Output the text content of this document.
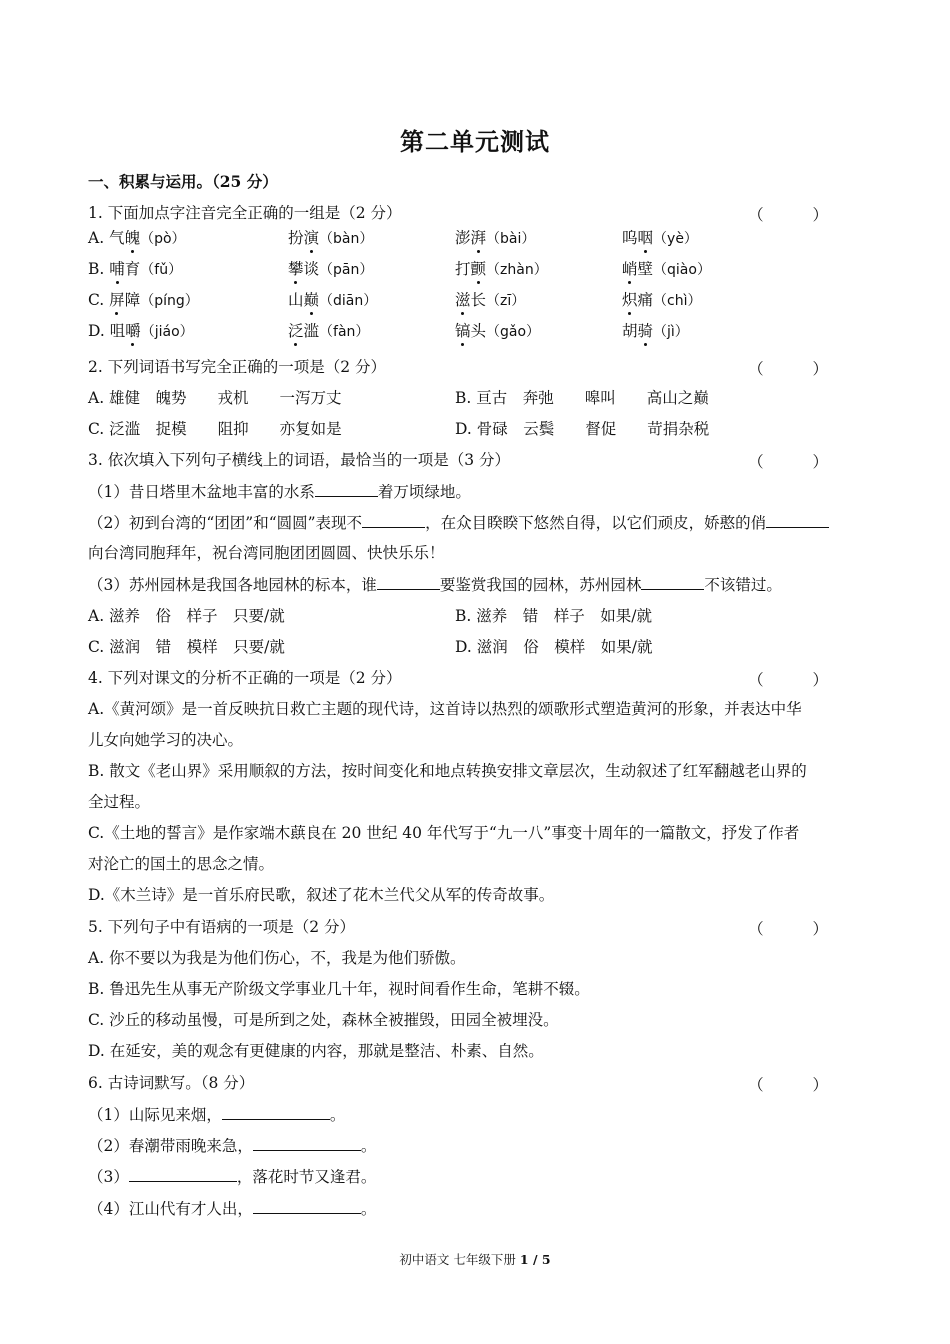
第二单元测试
一、积累与运用。（25 分）
1. 下面加点字注音完全正确的一组是（2 分）	（ ）
A. 气魄（pò）	扮演（bàn）	澎湃（bài）	呜咽（yè）
B. 哺育（fǔ）	攀谈（pān）	打颤（zhàn）	峭壁（qiào）
C. 屏障（píng）	山巅（diān）	滋长（zī）	炽痛（chì）
D. 咀嚼（jiáo）	泛滥（fàn）	镐头（gǎo）	胡骑（jì）
2. 下列词语书写完全正确的一项是（2 分）	（ ）
A. 雄健　魄势　　戎机　　一泻万丈	B. 亘古　奔弛　　嗥叫　　高山之巅
C. 泛滥　捉模　　阻抑　　亦复如是	D. 骨碌　云鬓　　督促　　苛捐杂税
3. 依次填入下列句子横线上的词语，最恰当的一项是（3 分）	（ ）
（1）昔日塔里木盆地丰富的水系	着万顷绿地。
（2）初到台湾的“团团”和“圆圆”表现不	，在众目睽睽下悠然自得，以它们顽皮，娇憨的俏
向台湾同胞拜年，祝台湾同胞团团圆圆、快快乐乐！
（3）苏州园林是我国各地园林的标本，谁	要鉴赏我国的园林，苏州园林	不该错过。
A. 滋养　俗　样子　只要/就	B. 滋养　错　样子　如果/就
C. 滋润　错　模样　只要/就	D. 滋润　俗　模样　如果/就
4. 下列对课文的分析不正确的一项是（2 分）	（ ）
A.《黄河颂》是一首反映抗日救亡主题的现代诗，这首诗以热烈的颂歌形式塑造黄河的形象，并表达中华
儿女向她学习的决心。
B. 散文《老山界》采用顺叙的方法，按时间变化和地点转换安排文章层次，生动叙述了红军翻越老山界的
全过程。
C.《土地的誓言》是作家端木蕻良在 20 世纪 40 年代写于“九一八”事变十周年的一篇散文，抒发了作者
对沦亡的国土的思念之情。
D.《木兰诗》是一首乐府民歌，叙述了花木兰代父从军的传奇故事。
5. 下列句子中有语病的一项是（2 分）	（ ）
A. 你不要以为我是为他们伤心，不，我是为他们骄傲。
B. 鲁迅先生从事无产阶级文学事业几十年，视时间看作生命，笔耕不辍。
C. 沙丘的移动虽慢，可是所到之处，森林全被摧毁，田园全被埋没。
D. 在延安，美的观念有更健康的内容，那就是整洁、朴素、自然。
6. 古诗词默写。（8 分）	（ ）
（1）山际见来烟，	。
（2）春潮带雨晚来急，	。
（3）	，落花时节又逢君。
（4）江山代有才人出，	。
初中语文 七年级下册 1 / 5
